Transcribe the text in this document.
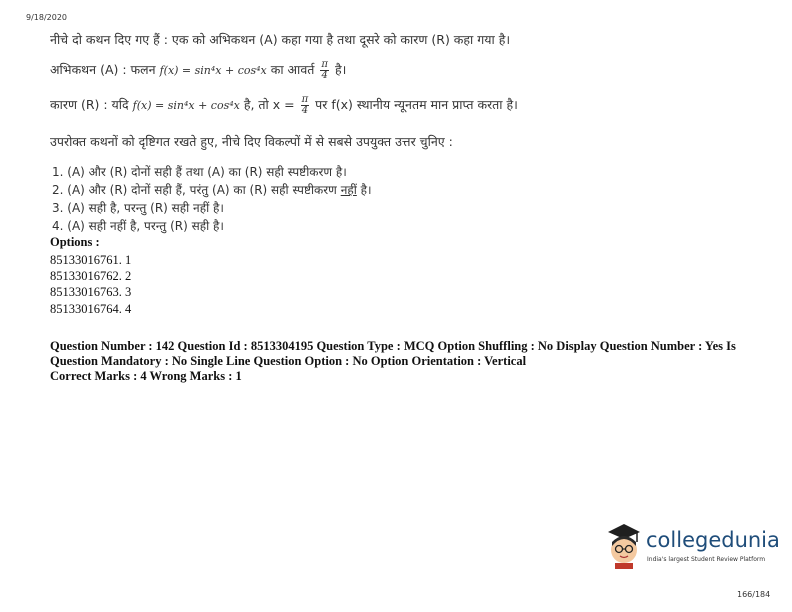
9/18/2020
नीचे दो कथन दिए गए हैं : एक को अभिकथन (A) कहा गया है तथा दूसरे को कारण (R) कहा गया है।
अभिकथन (A) : फलन f(x) = sin⁴x + cos⁴x का आवर्त $\frac{\pi}{4}$ है।
कारण (R) : यदि f(x) = sin⁴x + cos⁴x है, तो $x = \frac{\pi}{4}$ पर f(x) स्थानीय न्यूनतम मान प्राप्त करता है।
उपरोक्त कथनों को दृष्टिगत रखते हुए, नीचे दिए विकल्पों में से सबसे उपयुक्त उत्तर चुनिए :
1. (A) और (R) दोनों सही हैं तथा (A) का (R) सही स्पष्टीकरण है।
2. (A) और (R) दोनों सही हैं, परंतु (A) का (R) सही स्पष्टीकरण नहीं है।
3. (A) सही है, परन्तु (R) सही नहीं है।
4. (A) सही नहीं है, परन्तु (R) सही है।
Options :
85133016761. 1
85133016762. 2
85133016763. 3
85133016764. 4
Question Number : 142 Question Id : 8513304195 Question Type : MCQ Option Shuffling : No Display Question Number : Yes Is Question Mandatory : No Single Line Question Option : No Option Orientation : Vertical
Correct Marks : 4 Wrong Marks : 1
collegedunia
India's largest Student Review Platform
166/184
